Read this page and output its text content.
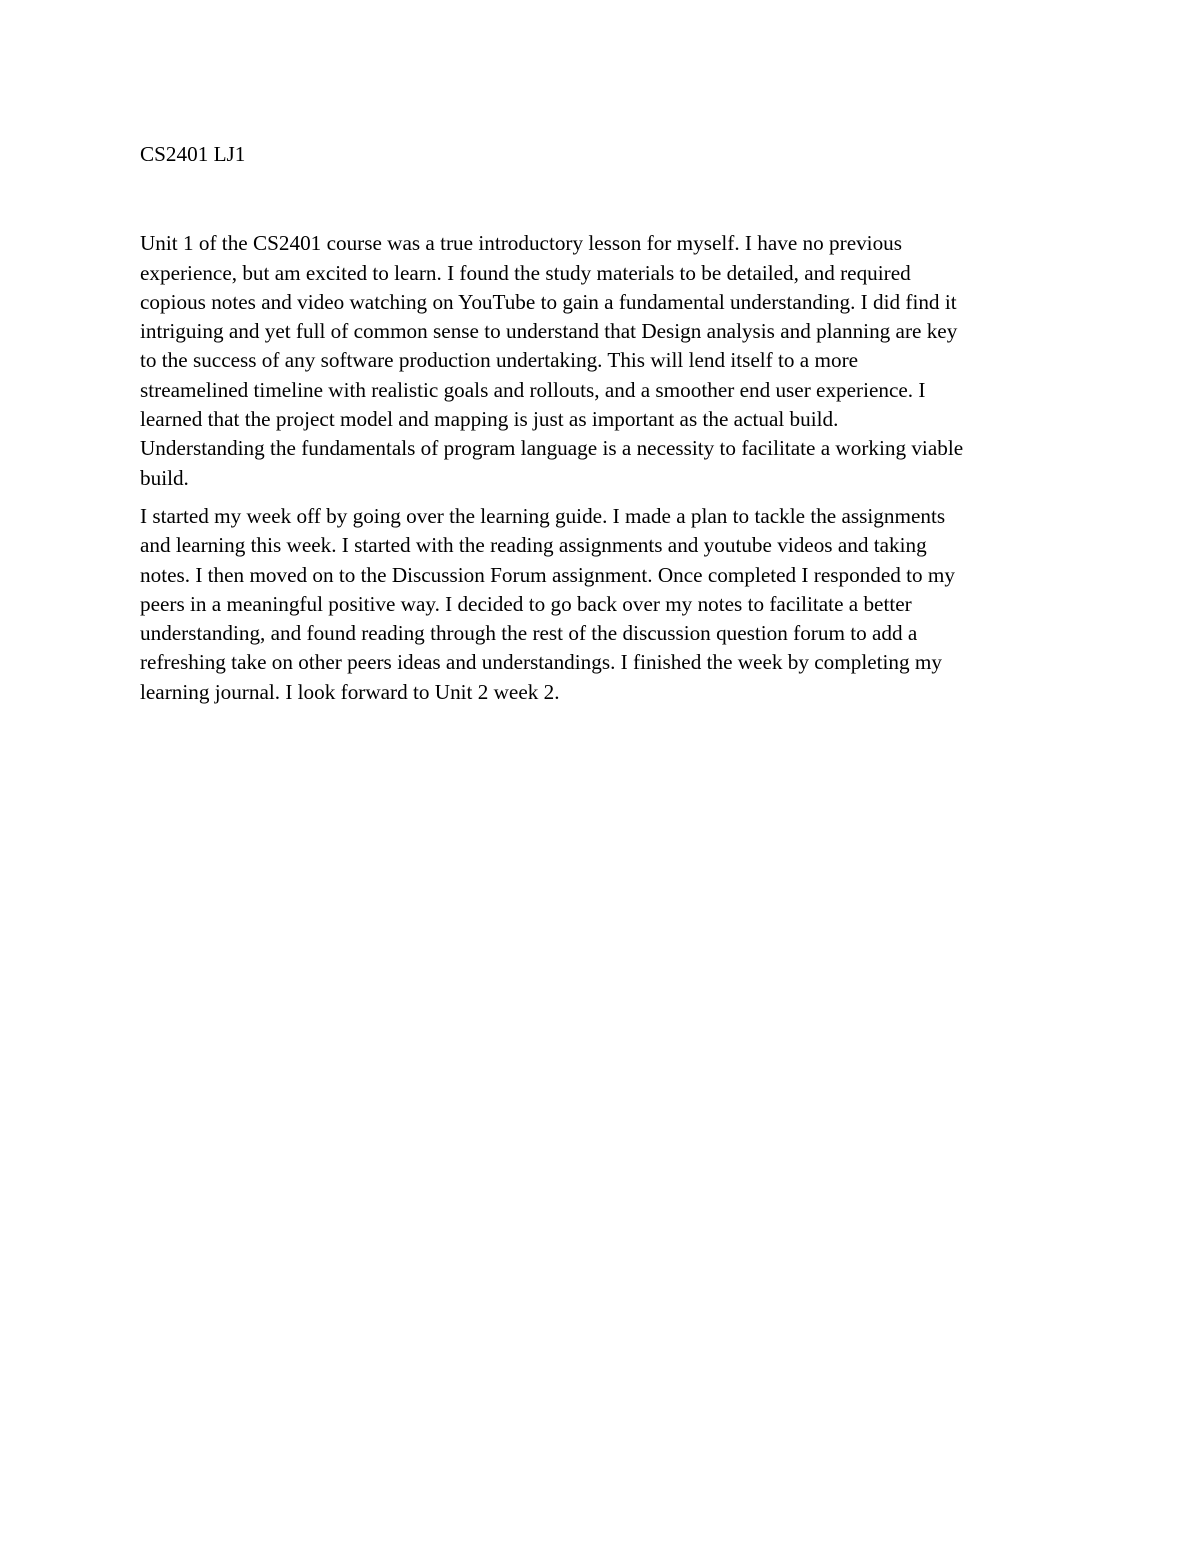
CS2401 LJ1

Unit 1 of the CS2401 course was a true introductory lesson for myself. I have no previous
experience, but am excited to learn. I found the study materials to be detailed, and required
copious notes and video watching on YouTube to gain a fundamental understanding. I did find it
intriguing and yet full of common sense to understand that Design analysis and planning are key
to the success of any software production undertaking. This will lend itself to a more
streamelined timeline with realistic goals and rollouts, and a smoother end user experience. I
learned that the project model and mapping is just as important as the actual build.
Understanding the fundamentals of program language is a necessity to facilitate a working viable
build.

I started my week off by going over the learning guide. I made a plan to tackle the assignments
and learning this week. I started with the reading assignments and youtube videos and taking
notes. I then moved on to the Discussion Forum assignment. Once completed I responded to my
peers in a meaningful positive way. I decided to go back over my notes to facilitate a better
understanding, and found reading through the rest of the discussion question forum to add a
refreshing take on other peers ideas and understandings. I finished the week by completing my
learning journal. I look forward to Unit 2 week 2.
